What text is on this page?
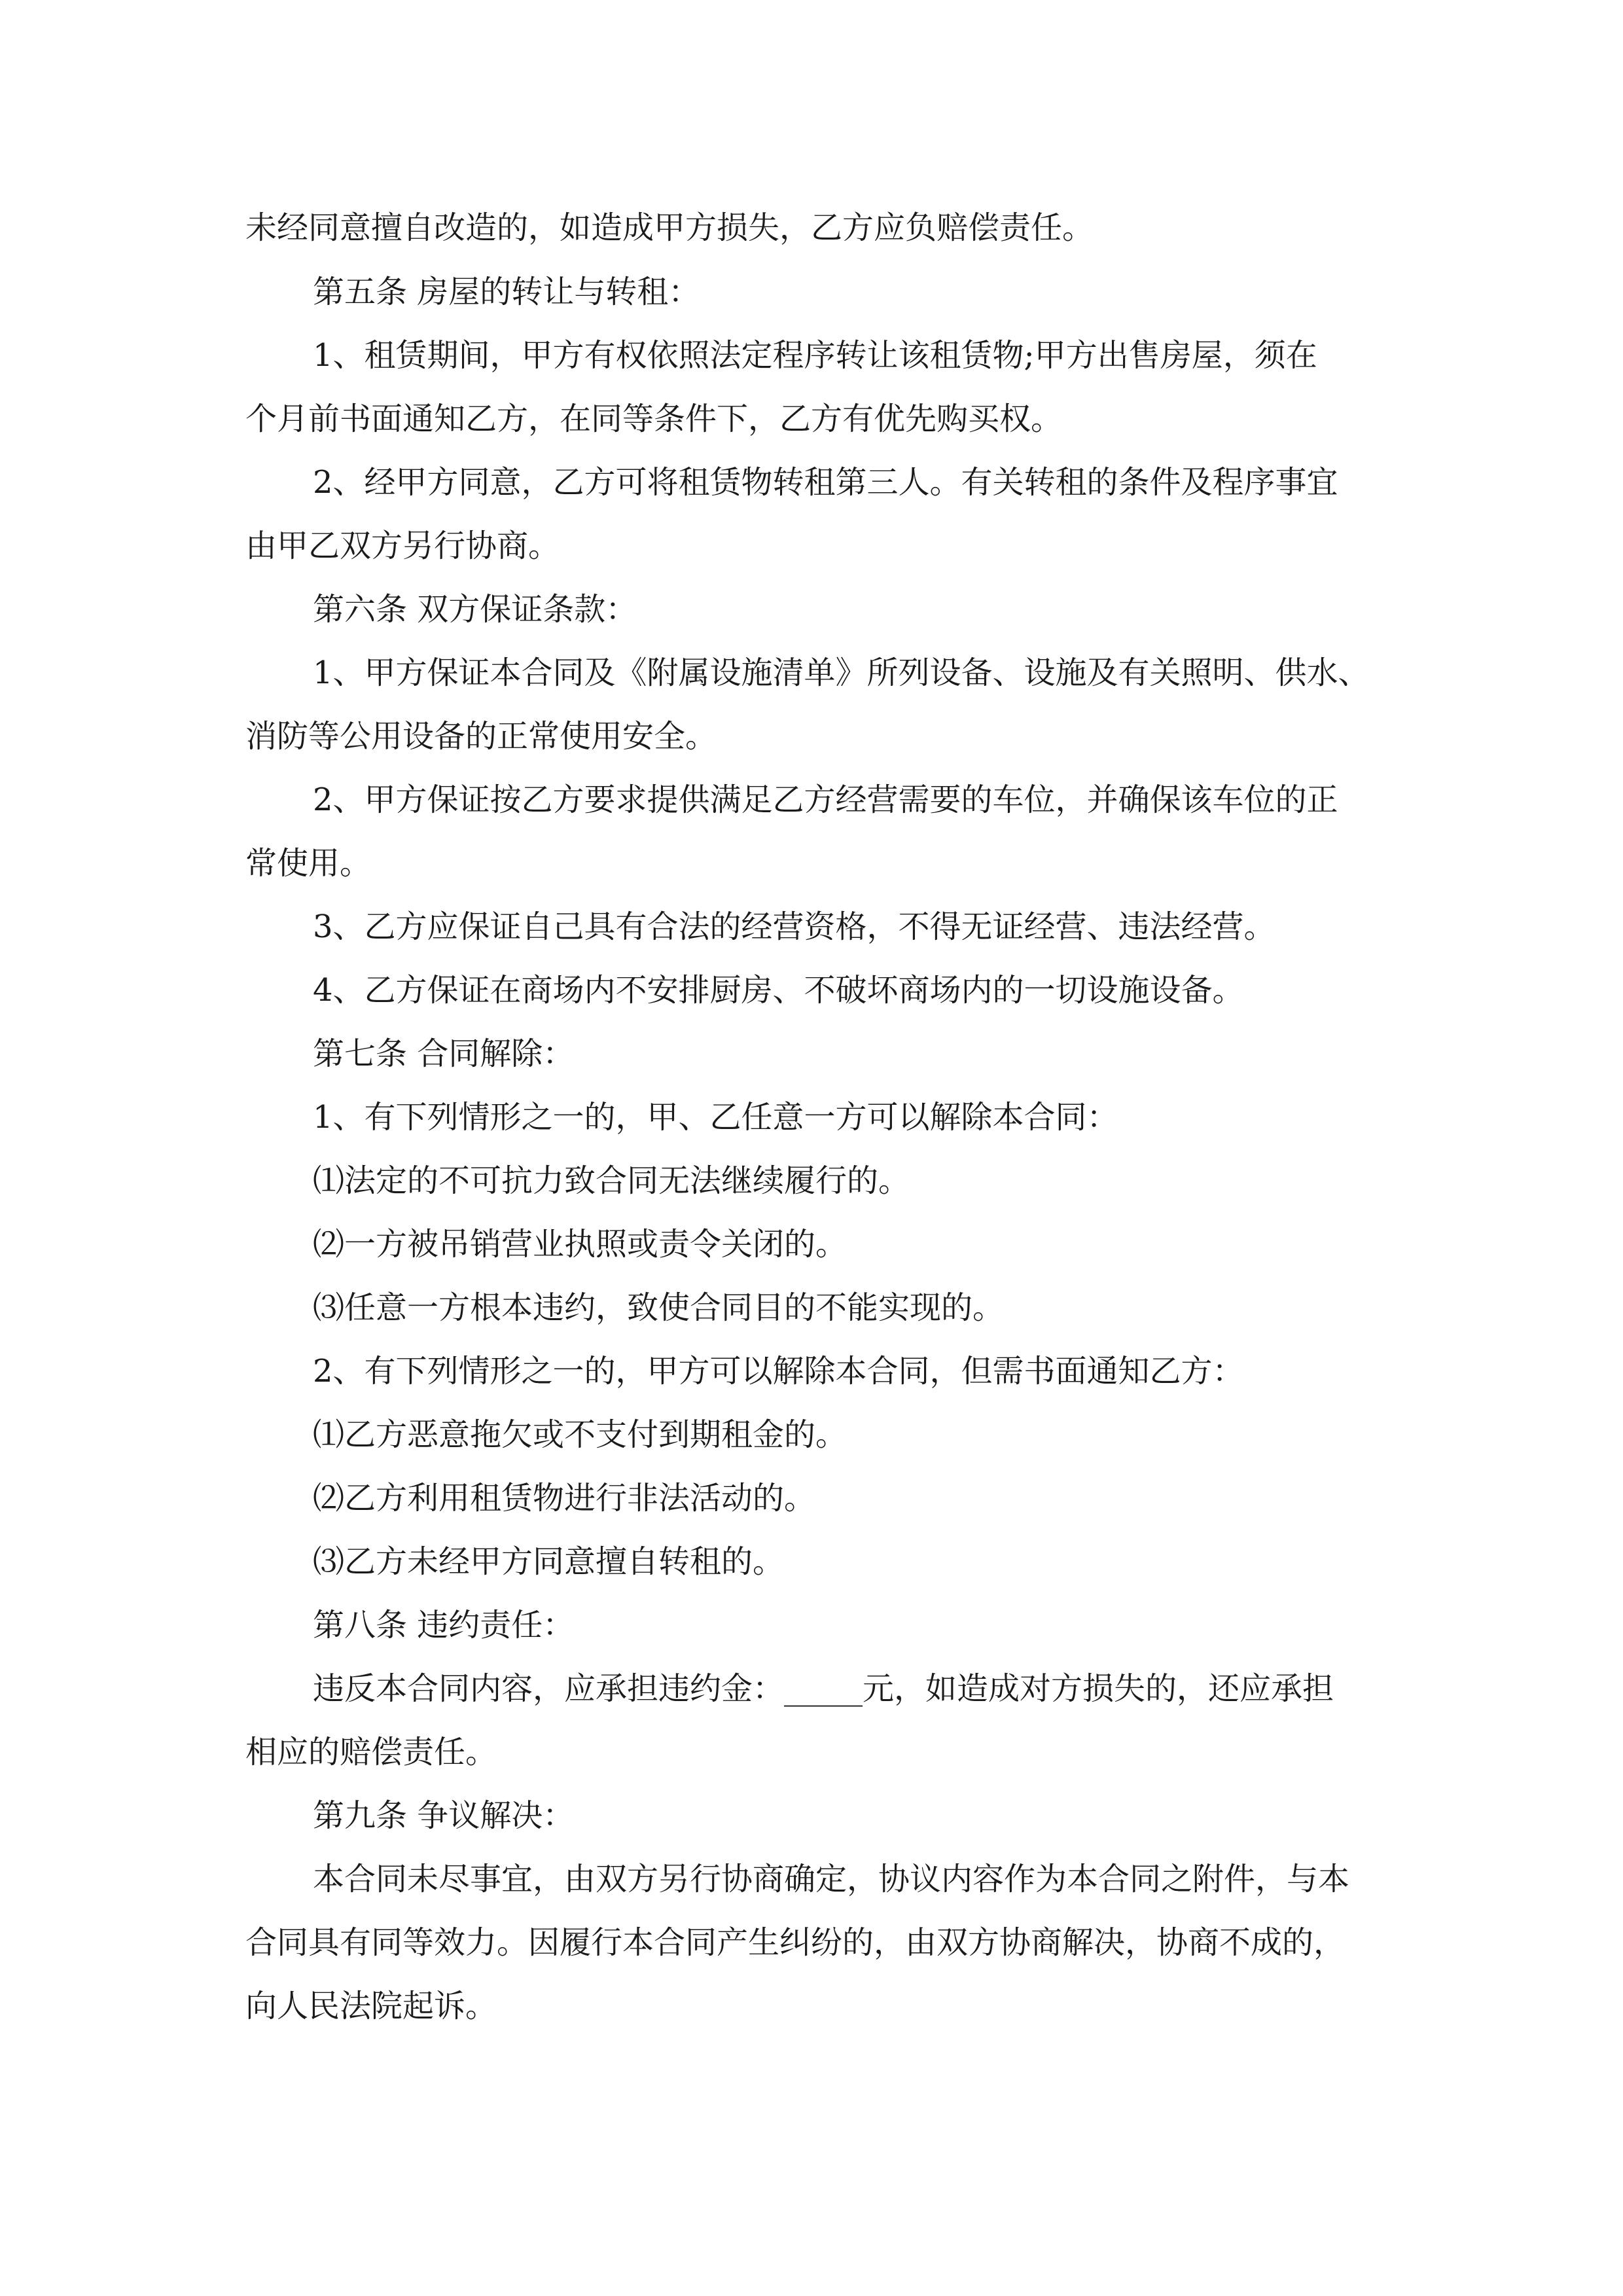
未经同意擅自改造的，如造成甲方损失，乙方应负赔偿责任。
第五条 房屋的转让与转租：
1、租赁期间，甲方有权依照法定程序转让该租赁物;甲方出售房屋，须在
个月前书面通知乙方，在同等条件下，乙方有优先购买权。
2、经甲方同意，乙方可将租赁物转租第三人。有关转租的条件及程序事宜
由甲乙双方另行协商。
第六条 双方保证条款：
1、甲方保证本合同及《附属设施清单》所列设备、设施及有关照明、供水、
消防等公用设备的正常使用安全。
2、甲方保证按乙方要求提供满足乙方经营需要的车位，并确保该车位的正
常使用。
3、乙方应保证自己具有合法的经营资格，不得无证经营、违法经营。
4、乙方保证在商场内不安排厨房、不破坏商场内的一切设施设备。
第七条 合同解除：
1、有下列情形之一的，甲、乙任意一方可以解除本合同：
⑴法定的不可抗力致合同无法继续履行的。
⑵一方被吊销营业执照或责令关闭的。
⑶任意一方根本违约，致使合同目的不能实现的。
2、有下列情形之一的，甲方可以解除本合同，但需书面通知乙方：
⑴乙方恶意拖欠或不支付到期租金的。
⑵乙方利用租赁物进行非法活动的。
⑶乙方未经甲方同意擅自转租的。
第八条 违约责任：
违反本合同内容，应承担违约金：_____元，如造成对方损失的，还应承担
相应的赔偿责任。
第九条 争议解决：
本合同未尽事宜，由双方另行协商确定，协议内容作为本合同之附件，与本
合同具有同等效力。因履行本合同产生纠纷的，由双方协商解决，协商不成的，
向人民法院起诉。
